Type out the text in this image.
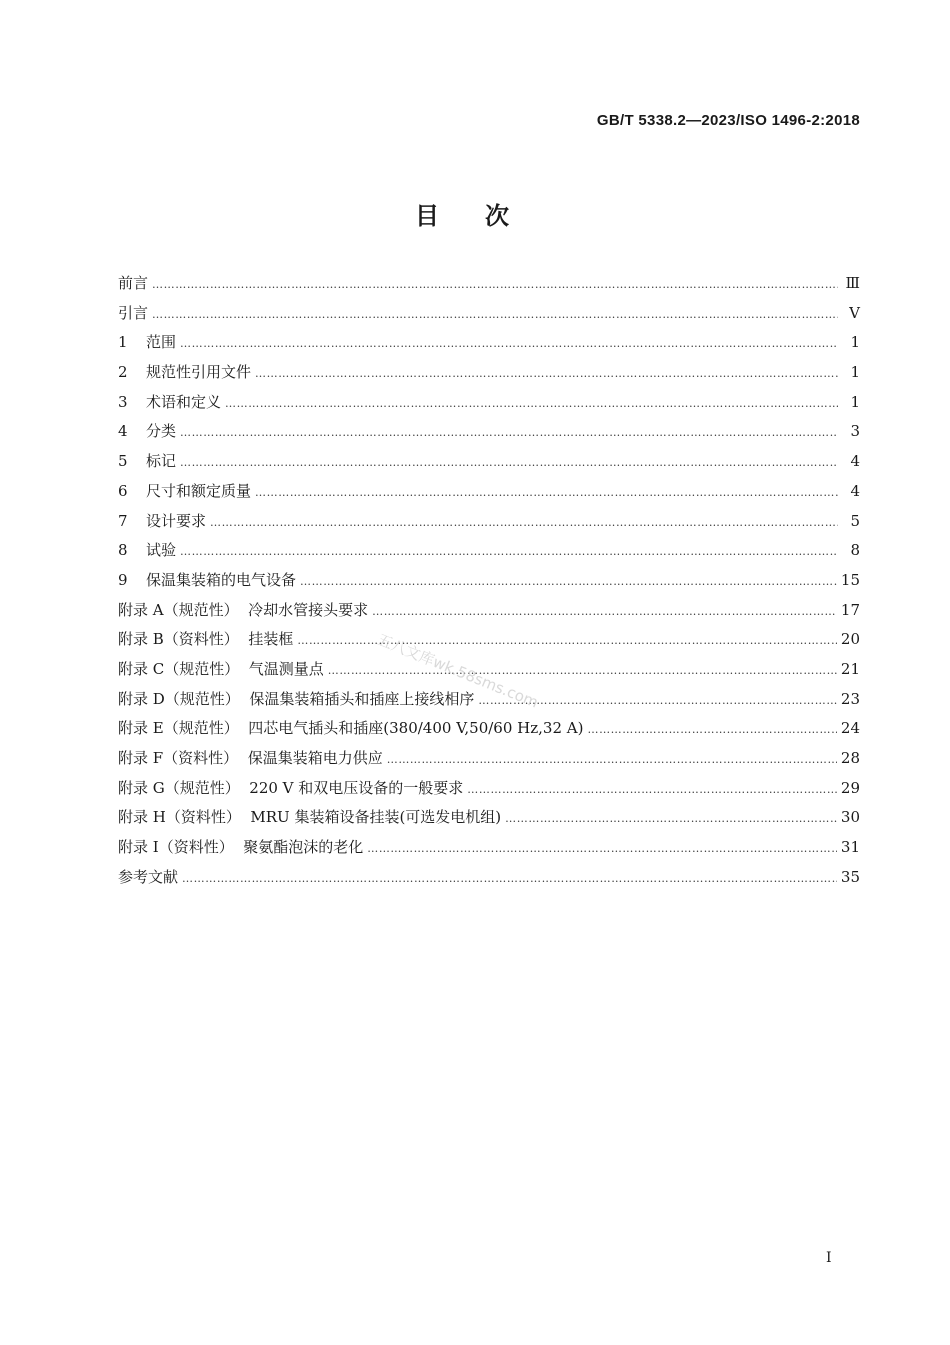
GB/T 5338.2—2023/ISO 1496-2:2018
目次
前言 ……………………………………………………………………………………………………………………………………………………………………………………………………………………………………………………………………………………	Ⅲ
引言 ……………………………………………………………………………………………………………………………………………………………………………………………………………………………………………………………………………………	Ⅴ
1	范围 ……………………………………………………………………………………………………………………………………………………………………………………………………………………………………………………………………………………	1
2	规范性引用文件 ……………………………………………………………………………………………………………………………………………………………………………………………………………………………………………………………………………………	1
3	术语和定义 ……………………………………………………………………………………………………………………………………………………………………………………………………………………………………………………………………………………	1
4	分类 ……………………………………………………………………………………………………………………………………………………………………………………………………………………………………………………………………………………	3
5	标记 ……………………………………………………………………………………………………………………………………………………………………………………………………………………………………………………………………………………	4
6	尺寸和额定质量 ……………………………………………………………………………………………………………………………………………………………………………………………………………………………………………………………………………………	4
7	设计要求 ……………………………………………………………………………………………………………………………………………………………………………………………………………………………………………………………………………………	5
8	试验 ……………………………………………………………………………………………………………………………………………………………………………………………………………………………………………………………………………………	8
9	保温集装箱的电气设备 ……………………………………………………………………………………………………………………………………………………………………………………………………………………………………………………………………………………	15
附录 A（规范性）  冷却水管接头要求 ……………………………………………………………………………………………………………………………………………………………………………………………………………………………………………………………………………………	17
附录 B（资料性）  挂装框 ……………………………………………………………………………………………………………………………………………………………………………………………………………………………………………………………………………………	20
附录 C（规范性）  气温测量点 ……………………………………………………………………………………………………………………………………………………………………………………………………………………………………………………………………………………	21
附录 D（规范性）  保温集装箱插头和插座上接线相序 ……………………………………………………………………………………………………………………………………………………………………………………………………………………………………………………………………………………	23
附录 E（规范性）  四芯电气插头和插座(380/400 V,50/60 Hz,32 A) ……………………………………………………………………………………………………………………………………………………………………………………………………………………………………………………………………………………	24
附录 F（资料性）  保温集装箱电力供应 ……………………………………………………………………………………………………………………………………………………………………………………………………………………………………………………………………………………	28
附录 G（规范性）  220 V 和双电压设备的一般要求 ……………………………………………………………………………………………………………………………………………………………………………………………………………………………………………………………………………………	29
附录 H（资料性）  MRU 集装箱设备挂装(可选发电机组) ……………………………………………………………………………………………………………………………………………………………………………………………………………………………………………………………………………………	30
附录 I（资料性）  聚氨酯泡沫的老化 ……………………………………………………………………………………………………………………………………………………………………………………………………………………………………………………………………………………	31
参考文献 ……………………………………………………………………………………………………………………………………………………………………………………………………………………………………………………………………………………	35
五八文库wk.58sms.com
I
